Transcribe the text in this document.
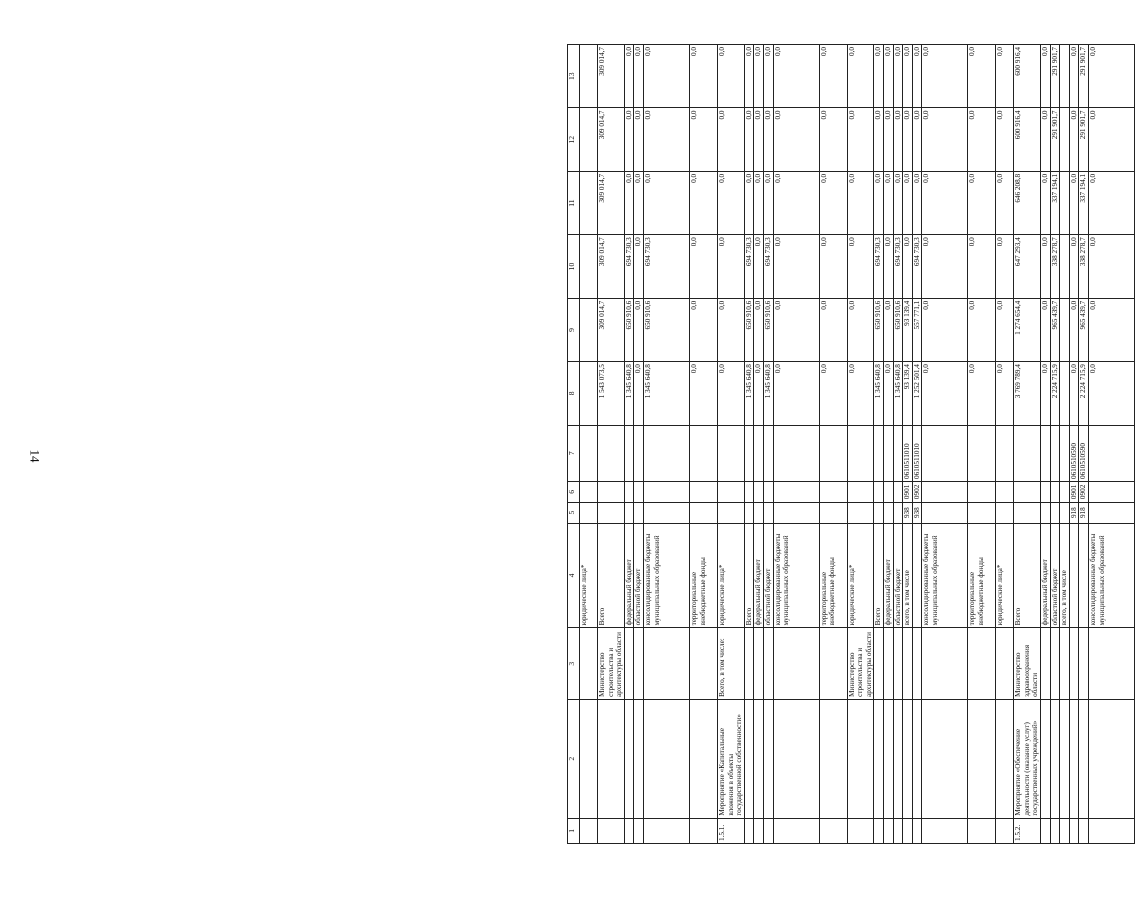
14
1	2	3	4	5	6	7	8	9	10	11	12	13
			юридические лица*									
		Министерство строительства и архитектуры области	Всего				1 543 073,5	309 014,7	309 014,7	309 014,7	309 014,7	309 014,7
			федеральный бюджет				1 345 640,8	650 910,6	694 730,3	0,0	0,0	0,0
			областной бюджет				0,0	0,0	0,0	0,0	0,0	0,0
			консолидированные бюджеты муниципальных образований				1 345 640,8	650 910,6	694 730,3	0,0	0,0	0,0
			территориальные внебюджетные фонды				0,0	0,0	0,0	0,0	0,0	0,0
1.5.1.	Мероприятие «Капитальные вложения в объекты государственной собственности»	Всего, в том числе:	юридические лица*				0,0	0,0	0,0	0,0	0,0	0,0
			Всего				1 345 640,8	650 910,6	694 730,3	0,0	0,0	0,0
			федеральный бюджет				0,0	0,0	0,0	0,0	0,0	0,0
			областной бюджет				1 345 640,8	650 910,6	694 730,3	0,0	0,0	0,0
			консолидированные бюджеты муниципальных образований				0,0	0,0	0,0	0,0	0,0	0,0
			территориальные внебюджетные фонды				0,0	0,0	0,0	0,0	0,0	0,0
		Министерство строительства и архитектуры области	юридические лица*				0,0	0,0	0,0	0,0	0,0	0,0
			Всего				1 345 640,8	650 910,6	694 730,3	0,0	0,0	0,0
			федеральный бюджет				0,0	0,0	0,0	0,0	0,0	0,0
			областной бюджет				1 345 640,8	650 910,6	694 730,3	0,0	0,0	0,0
			всего, в том числе	938	0901	0610511010	93 139,4	93 139,4	0,0	0,0	0,0	0,0
				938	0902	0610511010	1 252 501,4	557 771,1	694 730,3	0,0	0,0	0,0
			консолидированные бюджеты муниципальных образований				0,0	0,0	0,0	0,0	0,0	0,0
			территориальные внебюджетные фонды				0,0	0,0	0,0	0,0	0,0	0,0
			юридические лица*				0,0	0,0	0,0	0,0	0,0	0,0
1.5.2.	Мероприятие «Обеспечение деятельности (оказание услуг) государственных учреждений»	Министерство здравоохранения области	Всего				3 769 789,4	1 274 654,4	647 293,4	646 208,8	600 916,4	600 916,4
			федеральный бюджет				0,0	0,0	0,0	0,0	0,0	0,0
			областной бюджет				2 224 715,9	965 439,7	338 278,7	337 194,1	291 901,7	291 901,7
			всего, в том числе									
				918	0901	0610510590	0,0	0,0	0,0	0,0	0,0	0,0
				918	0902	0610510590	2 224 715,9	965 439,7	338 278,7	337 194,1	291 901,7	291 901,7
			консолидированные бюджеты муниципальных образований				0,0	0,0	0,0	0,0	0,0	0,0
